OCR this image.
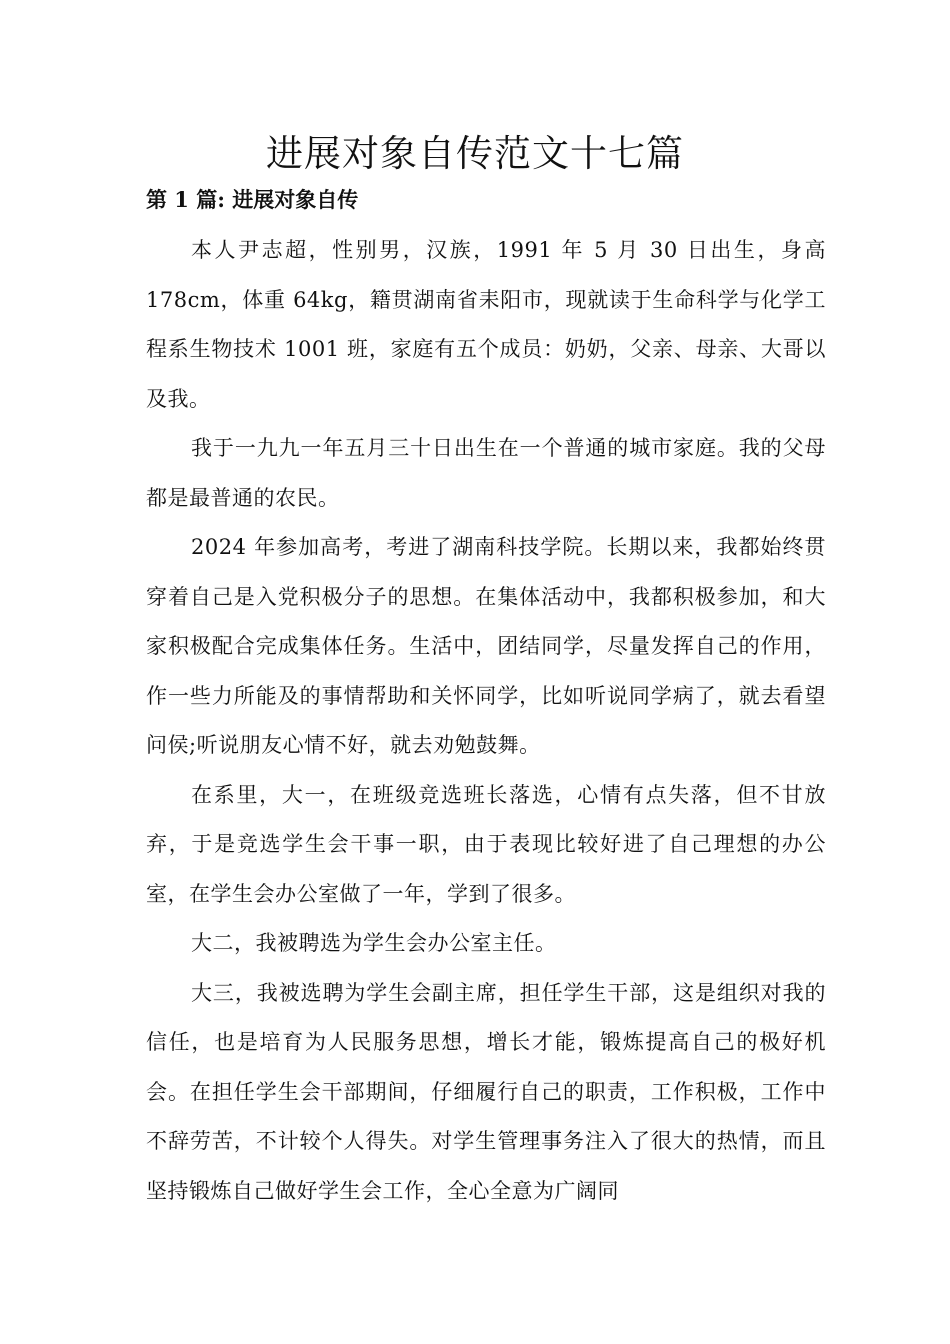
进展对象自传范文十七篇
第 1 篇: 进展对象自传

本人尹志超，性别男，汉族，1991 年 5 月 30 日出生，身高 178cm，体重 64kg，籍贯湖南省耒阳市，现就读于生命科学与化学工程系生物技术 1001 班，家庭有五个成员：奶奶，父亲、母亲、大哥以及我。

我于一九九一年五月三十日出生在一个普通的城市家庭。我的父母都是最普通的农民。

2024 年参加高考，考进了湖南科技学院。长期以来，我都始终贯穿着自己是入党积极分子的思想。在集体活动中，我都积极参加，和大家积极配合完成集体任务。生活中，团结同学，尽量发挥自己的作用，作一些力所能及的事情帮助和关怀同学，比如听说同学病了，就去看望问侯;听说朋友心情不好，就去劝勉鼓舞。

在系里，大一，在班级竞选班长落选，心情有点失落，但不甘放弃，于是竞选学生会干事一职，由于表现比较好进了自己理想的办公室，在学生会办公室做了一年，学到了很多。

大二，我被聘选为学生会办公室主任。

大三，我被选聘为学生会副主席，担任学生干部，这是组织对我的信任，也是培育为人民服务思想，增长才能，锻炼提高自己的极好机会。在担任学生会干部期间，仔细履行自己的职责，工作积极，工作中不辞劳苦，不计较个人得失。对学生管理事务注入了很大的热情，而且坚持锻炼自己做好学生会工作，全心全意为广阔同
